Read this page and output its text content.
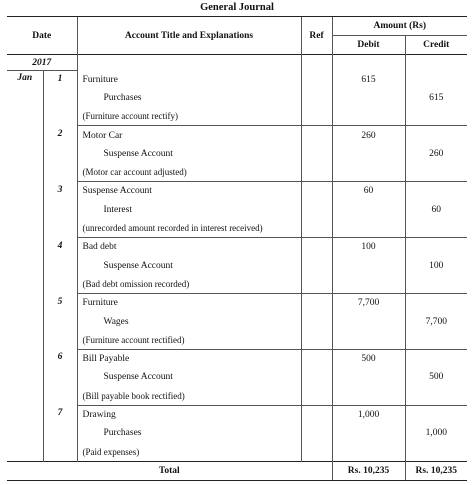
General Journal
Date		Account Title and Explanations	Ref	Amount (Rs)	
				Debit	Credit
2017					
Jan	1	Furniture		615	
		Purchases			615
		(Furniture account rectify)			
	2	Motor Car		260	
		Suspense Account			260
		(Motor car account adjusted)			
	3	Suspense Account		60	
		Interest			60
		(unrecorded amount recorded in interest received)			
	4	Bad debt		100	
		Suspense Account			100
		(Bad debt omission recorded)			
	5	Furniture		7,700	
		Wages			7,700
		(Furniture account rectified)			
	6	Bill Payable		500	
		Suspense Account			500
		(Bill payable book rectified)			
	7	Drawing		1,000	
		Purchases			1,000
		(Paid expenses)			
Total				Rs. 10,235	Rs. 10,235
